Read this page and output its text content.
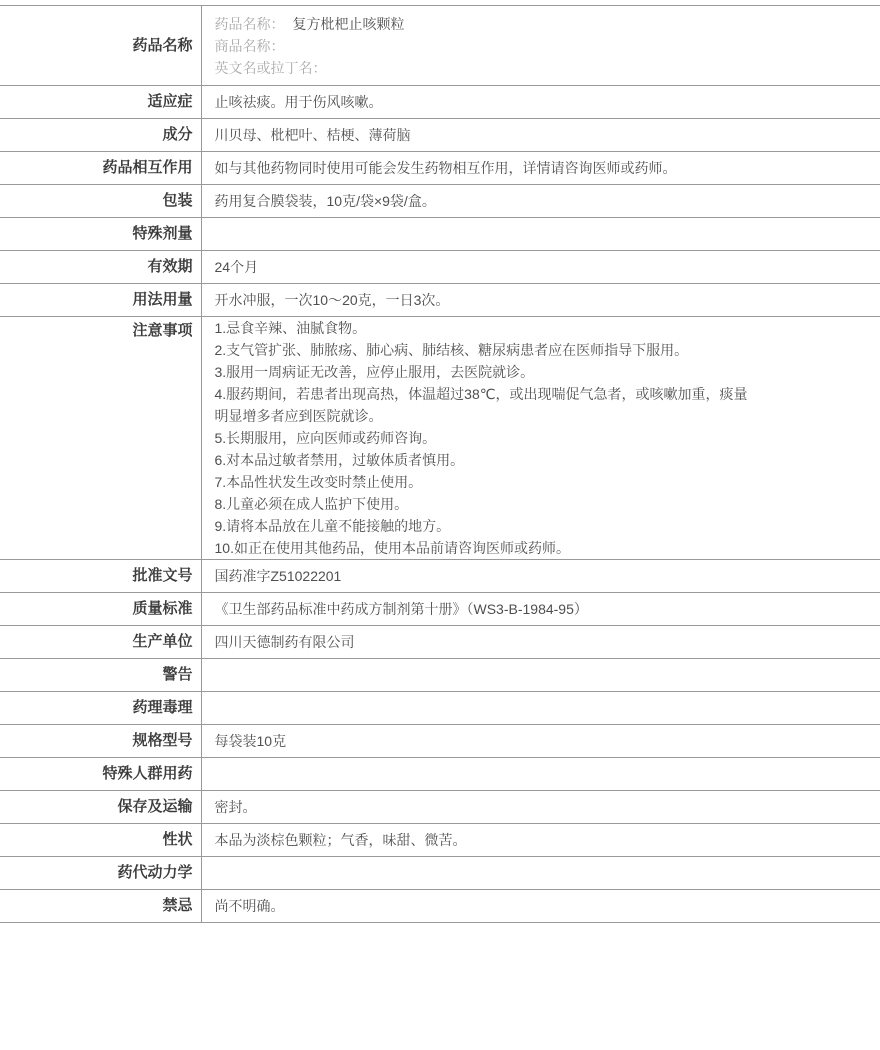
药品名称	药品名称： 复方枇杷止咳颗粒
商品名称：
英文名或拉丁名：

适应症	止咳祛痰。用于伤风咳嗽。
成分	川贝母、枇杷叶、桔梗、薄荷脑
药品相互作用	如与其他药物同时使用可能会发生药物相互作用，详情请咨询医师或药师。
包装	药用复合膜袋装，10克/袋×9袋/盒。
特殊剂量	
有效期	24个月
用法用量	开水冲服，一次10～20克，一日3次。
注意事项	1.忌食辛辣、油腻食物。
2.支气管扩张、肺脓疡、肺心病、肺结核、糖尿病患者应在医师指导下服用。
3.服用一周病证无改善，应停止服用，去医院就诊。
4.服药期间，若患者出现高热，体温超过38℃，或出现喘促气急者，或咳嗽加重，痰量
明显增多者应到医院就诊。
5.长期服用，应向医师或药师咨询。
6.对本品过敏者禁用，过敏体质者慎用。
7.本品性状发生改变时禁止使用。
8.儿童必须在成人监护下使用。
9.请将本品放在儿童不能接触的地方。
10.如正在使用其他药品，使用本品前请咨询医师或药师。

批准文号	国药准字Z51022201
质量标准	《卫生部药品标准中药成方制剂第十册》（WS3-B-1984-95）
生产单位	四川天德制药有限公司
警告	
药理毒理	
规格型号	每袋装10克
特殊人群用药	
保存及运输	密封。
性状	本品为淡棕色颗粒；气香，味甜、微苦。
药代动力学	
禁忌	尚不明确。
